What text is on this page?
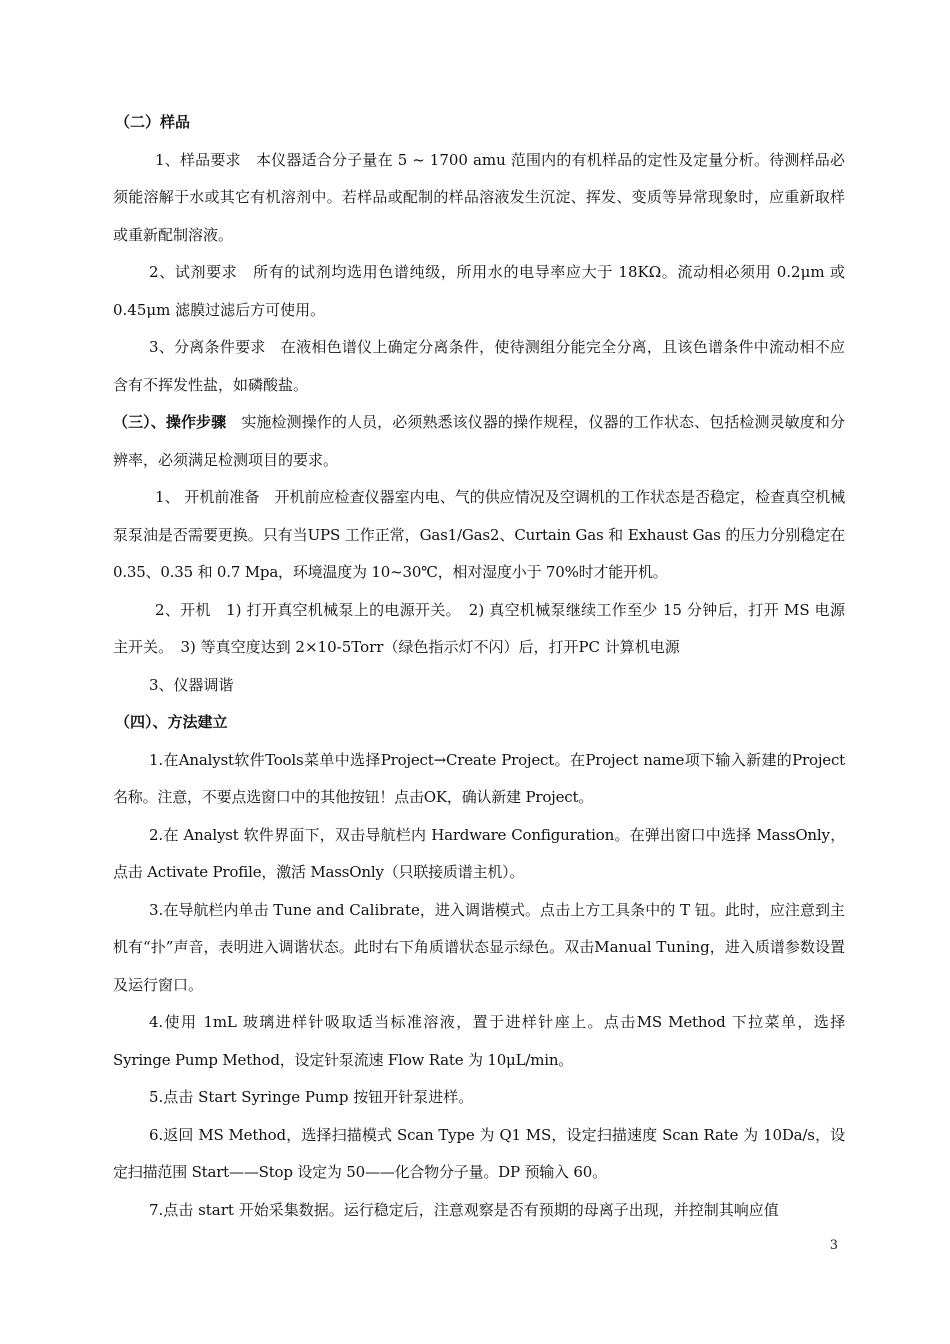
（二）样品

1、样品要求　本仪器适合分子量在 5 ~ 1700 amu 范围内的有机样品的定性及定量分析。待测样品必须能溶解于水或其它有机溶剂中。若样品或配制的样品溶液发生沉淀、挥发、变质等异常现象时，应重新取样或重新配制溶液。

2、试剂要求　所有的试剂均选用色谱纯级，所用水的电导率应大于 18KΩ。流动相必须用 0.2μm 或 0.45μm 滤膜过滤后方可使用。

3、分离条件要求　在液相色谱仪上确定分离条件，使待测组分能完全分离，且该色谱条件中流动相不应含有不挥发性盐，如磷酸盐。

（三）、操作步骤　 实施检测操作的人员，必须熟悉该仪器的操作规程，仪器的工作状态、包括检测灵敏度和分辨率，必须满足检测项目的要求。

1、 开机前准备　开机前应检查仪器室内电、气的供应情况及空调机的工作状态是否稳定，检查真空机械泵泵油是否需要更换。只有当UPS 工作正常，Gas1/Gas2、Curtain Gas 和 Exhaust Gas 的压力分别稳定在 0.35、0.35 和 0.7 Mpa，环境温度为 10~30℃，相对湿度小于 70%时才能开机。

2、开机　1) 打开真空机械泵上的电源开关。　2) 真空机械泵继续工作至少 15 分钟后，打开 MS 电源主开关。　3) 等真空度达到 2×10-5Torr（绿色指示灯不闪）后，打开PC 计算机电源

3、仪器调谐

（四）、方法建立

1.在Analyst软件Tools菜单中选择Project→Create Project。在Project name项下输入新建的Project名称。注意，不要点选窗口中的其他按钮！点击OK，确认新建 Project。

2.在 Analyst 软件界面下，双击导航栏内 Hardware Configuration。在弹出窗口中选择 MassOnly，点击 Activate Profile，激活 MassOnly（只联接质谱主机）。

3.在导航栏内单击 Tune and Calibrate，进入调谐模式。点击上方工具条中的 T 钮。此时，应注意到主机有“扑”声音，表明进入调谐状态。此时右下角质谱状态显示绿色。双击Manual Tuning，进入质谱参数设置及运行窗口。

4.使用 1mL 玻璃进样针吸取适当标准溶液，置于进样针座上。点击MS Method 下拉菜单，选择 Syringe Pump Method，设定针泵流速 Flow Rate 为 10μL/min。

5.点击 Start Syringe Pump 按钮开针泵进样。

6.返回 MS Method，选择扫描模式 Scan Type 为 Q1 MS，设定扫描速度 Scan Rate 为 10Da/s，设定扫描范围 Start——Stop 设定为 50——化合物分子量。DP 预输入 60。

7.点击 start 开始采集数据。运行稳定后，注意观察是否有预期的母离子出现，并控制其响应值

3
